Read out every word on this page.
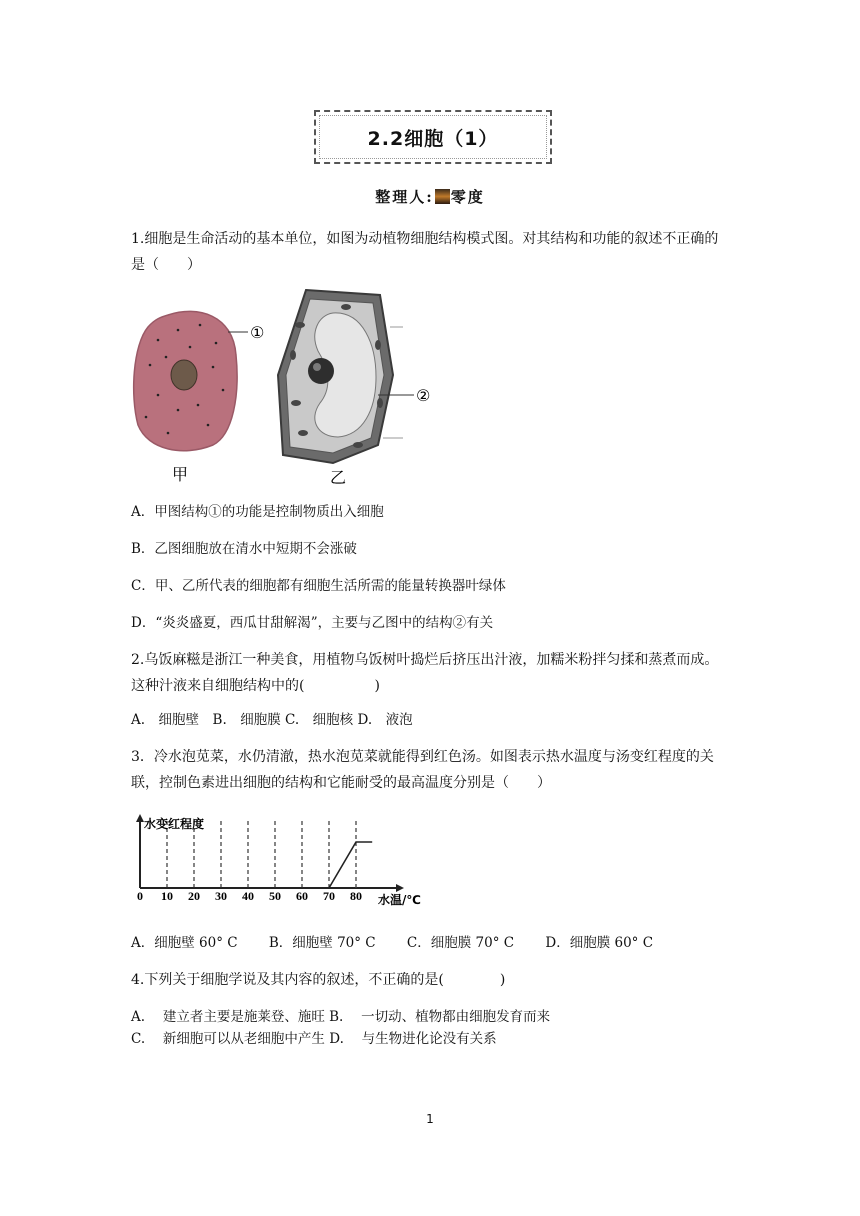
2.2细胞（1）
整理人: 零度
1.细胞是生命活动的基本单位，如图为动植物细胞结构模式图。对其结构和功能的叙述不正确的是（　　）
①
甲
②
乙
A．甲图结构①的功能是控制物质出入细胞
B．乙图细胞放在清水中短期不会涨破
C．甲、乙所代表的细胞都有细胞生活所需的能量转换器叶绿体
D．“炎炎盛夏，西瓜甘甜解渴”，主要与乙图中的结构②有关
2.乌饭麻糍是浙江一种美食，用植物乌饭树叶捣烂后挤压出汁液，加糯米粉拌匀揉和蒸煮而成。这种汁液来自细胞结构中的(　　　　　)
A.　细胞壁　B.　细胞膜 C.　细胞核 D.　液泡
3．冷水泡苋菜，水仍清澈，热水泡苋菜就能得到红色汤。如图表示热水温度与汤变红程度的关联，控制色素进出细胞的结构和它能耐受的最高温度分别是（　　）
0 10 20 30 40 50 60 70 80
水变红程度
水温/℃
A．细胞壁 60° C　　 B．细胞壁 70° C　　 C．细胞膜 70° C　　 D．细胞膜 60° C
4.下列关于细胞学说及其内容的叙述，不正确的是(　　　　)
A.　 建立者主要是施莱登、施旺 B.　 一切动、植物都由细胞发育而来
C.　 新细胞可以从老细胞中产生 D.　 与生物进化论没有关系
1
